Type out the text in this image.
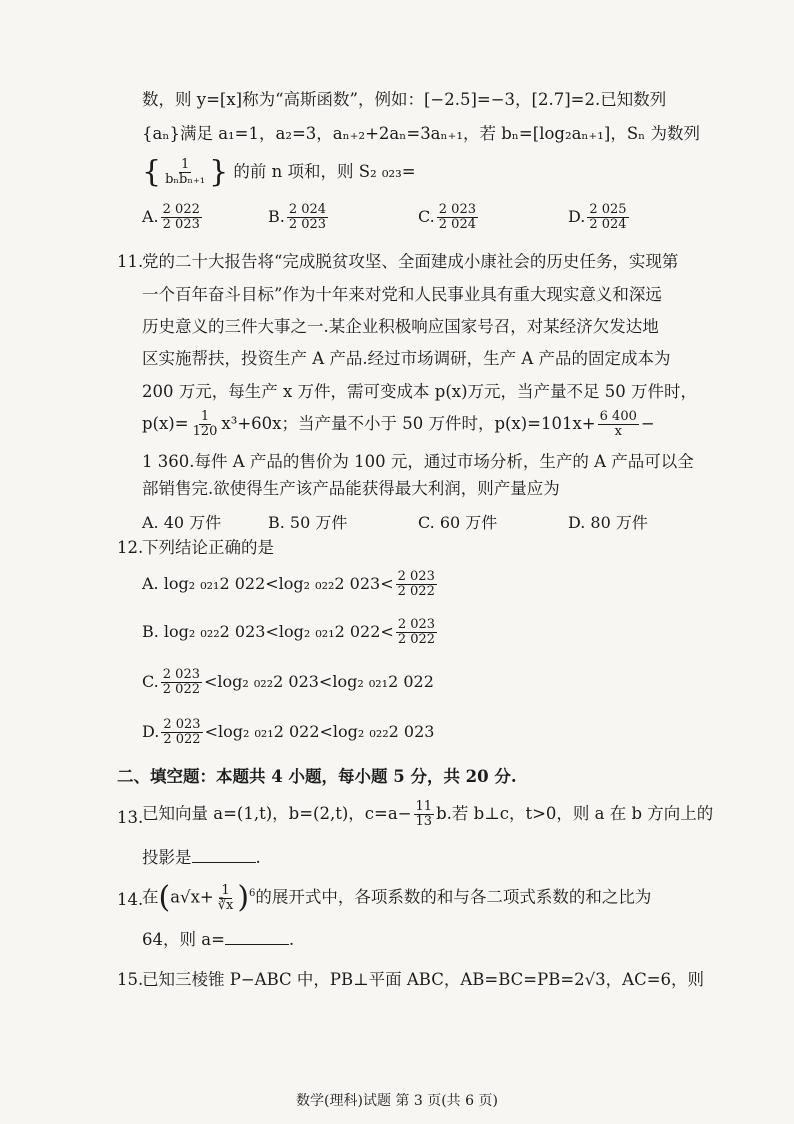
数，则 y=[x]称为“高斯函数”，例如：[−2.5]=−3，[2.7]=2.已知数列
{aₙ}满足 a₁=1，a₂=3，aₙ₊₂+2aₙ=3aₙ₊₁，若 bₙ=[log₂aₙ₊₁]，Sₙ 为数列
{ $\frac{1}{\text{bₙbₙ₊₁}}$ } 的前 n 项和，则 S₂ ₀₂₃=
A. $\frac{2 022}{2 023}$	B. $\frac{2 024}{2 023}$	C. $\frac{2 023}{2 024}$	D. $\frac{2 025}{2 024}$
11.
党的二十大报告将“完成脱贫攻坚、全面建成小康社会的历史任务，实现第
一个百年奋斗目标”作为十年来对党和人民事业具有重大现实意义和深远
历史意义的三件大事之一.某企业积极响应国家号召，对某经济欠发达地
区实施帮扶，投资生产 A 产品.经过市场调研，生产 A 产品的固定成本为
200 万元，每生产 x 万件，需可变成本 p(x)万元，当产量不足 50 万件时，
$p(x)= \frac{1}{120} x^3+60x$；当产量不小于 50 万件时，$p(x)=101x+ \frac{6 400}{x}$ −
1 360.每件 A 产品的售价为 100 元，通过市场分析，生产的 A 产品可以全
部销售完.欲使得生产该产品能获得最大利润，则产量应为
A. 40 万件	B. 50 万件	C. 60 万件	D. 80 万件
12.
下列结论正确的是
A. log₂ ₀₂₁2 022<log₂ ₀₂₂2 $023< \frac{2 023}{2 022}$
B. log₂ ₀₂₂2 023<log₂ ₀₂₁2 $022< \frac{2 023}{2 022}$
C. $\frac{2 023}{2 022} <\log_2$ ₀₂₂2 023<log₂ ₀₂₁2 022
D. $\frac{2 023}{2 022} <\log_2$ ₀₂₁2 022<log₂ ₀₂₂2 023
二、填空题：本题共 4 小题，每小题 5 分，共 20 分.
13.
已知向量 a=(1,t)，b=(2,t)，$c=a- \frac{11}{13} b$.若 b⊥c，t>0，则 a 在 b 方向上的
投影是	.
14.
在$(a√x+ \frac{1}{∛x} )^6$的展开式中，各项系数的和与各二项式系数的和之比为
64，则 a=	.
15.
已知三棱锥 P−ABC 中，PB⊥平面 ABC，AB=BC=PB=2√3，AC=6，则
数学(理科)试题 第 3 页(共 6 页)
